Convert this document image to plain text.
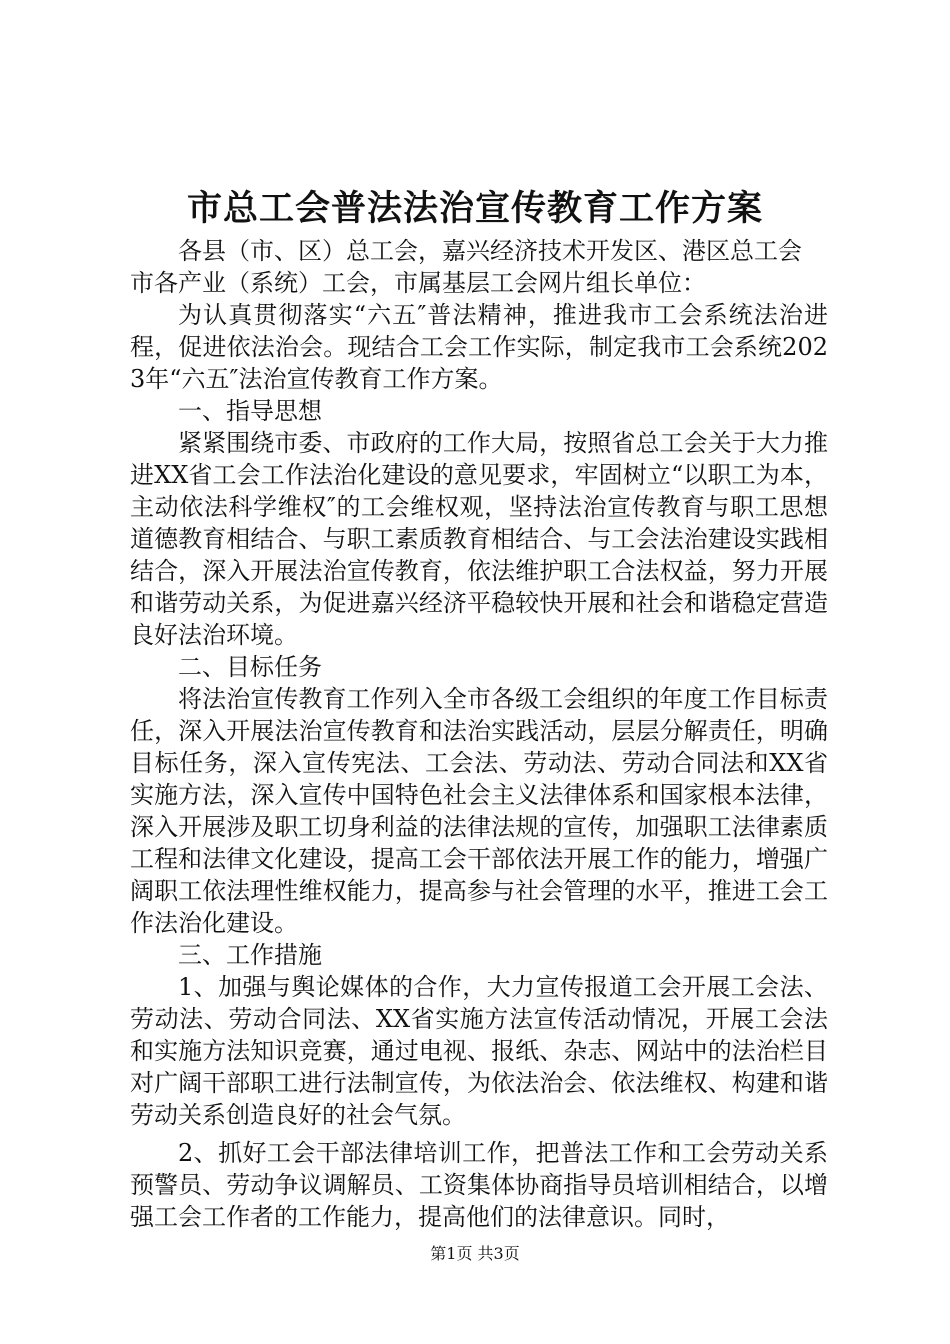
市总工会普法法治宣传教育工作方案

各县（市、区）总工会，嘉兴经济技术开发区、港区总工会

市各产业（系统）工会，市属基层工会网片组长单位：

为认真贯彻落实“六五″普法精神，推进我市工会系统法治进程，促进依法治会。现结合工会工作实际，制定我市工会系统2023年“六五″法治宣传教育工作方案。

一、指导思想

紧紧围绕市委、市政府的工作大局，按照省总工会关于大力推进XX省工会工作法治化建设的意见要求，牢固树立“以职工为本，主动依法科学维权″的工会维权观，坚持法治宣传教育与职工思想道德教育相结合、与职工素质教育相结合、与工会法治建设实践相结合，深入开展法治宣传教育，依法维护职工合法权益，努力开展和谐劳动关系，为促进嘉兴经济平稳较快开展和社会和谐稳定营造良好法治环境。

二、目标任务

将法治宣传教育工作列入全市各级工会组织的年度工作目标责任，深入开展法治宣传教育和法治实践活动，层层分解责任，明确目标任务，深入宣传宪法、工会法、劳动法、劳动合同法和XX省实施方法，深入宣传中国特色社会主义法律体系和国家根本法律，深入开展涉及职工切身利益的法律法规的宣传，加强职工法律素质工程和法律文化建设，提高工会干部依法开展工作的能力，增强广阔职工依法理性维权能力，提高参与社会管理的水平，推进工会工作法治化建设。

三、工作措施

1、加强与舆论媒体的合作，大力宣传报道工会开展工会法、劳动法、劳动合同法、XX省实施方法宣传活动情况，开展工会法和实施方法知识竞赛，通过电视、报纸、杂志、网站中的法治栏目对广阔干部职工进行法制宣传，为依法治会、依法维权、构建和谐劳动关系创造良好的社会气氛。

2、抓好工会干部法律培训工作，把普法工作和工会劳动关系预警员、劳动争议调解员、工资集体协商指导员培训相结合，以增强工会工作者的工作能力，提高他们的法律意识。同时，

第1页 共3页
